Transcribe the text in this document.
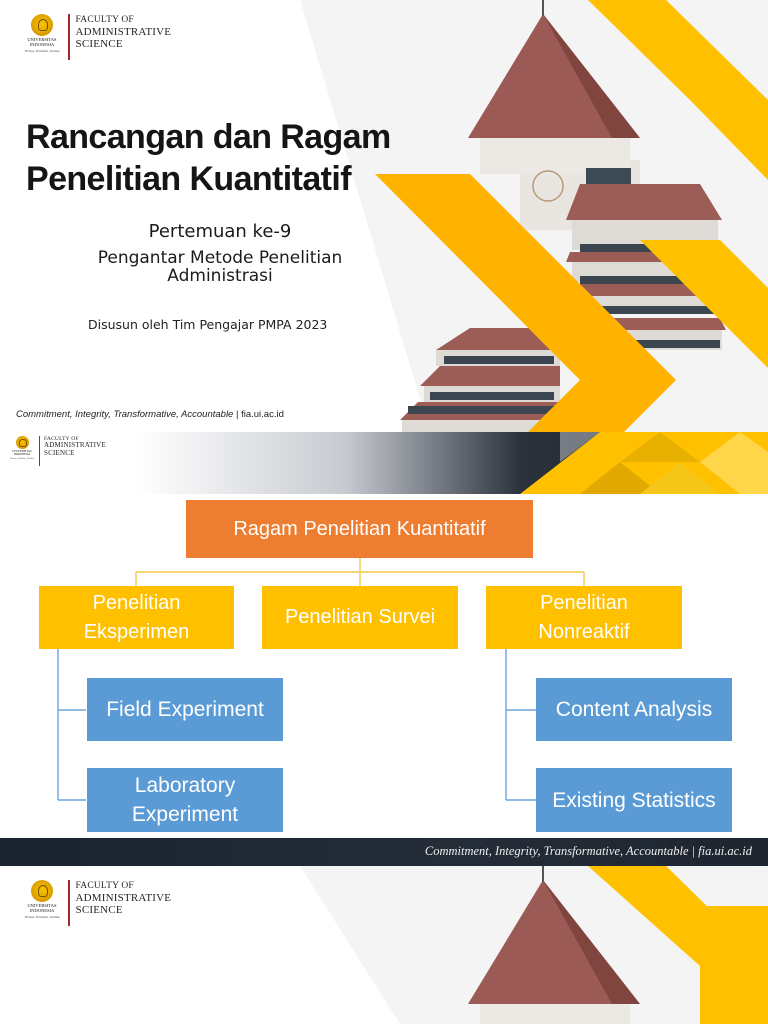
UNIVERSITAS
INDONESIA
Veritas, Probitas, Iustitia
FACULTY OF
ADMINISTRATIVE
SCIENCE
Rancangan dan Ragam
Penelitian Kuantitatif
Pertemuan ke-9
Pengantar Metode Penelitian
Administrasi
Disusun oleh Tim Pengajar PMPA 2023
Commitment, Integrity, Transformative, Accountable | fia.ui.ac.id
UNIVERSITAS
INDONESIA
Veritas, Probitas, Iustitia
FACULTY OF
ADMINISTRATIVE
SCIENCE
Ragam Penelitian Kuantitatif
Penelitian
Eksperimen
Penelitian Survei
Penelitian
Nonreaktif
Field Experiment
Laboratory
Experiment
Content Analysis
Existing Statistics
Commitment, Integrity, Transformative, Accountable | fia.ui.ac.id
UNIVERSITAS
INDONESIA
Veritas, Probitas, Iustitia
FACULTY OF
ADMINISTRATIVE
SCIENCE
